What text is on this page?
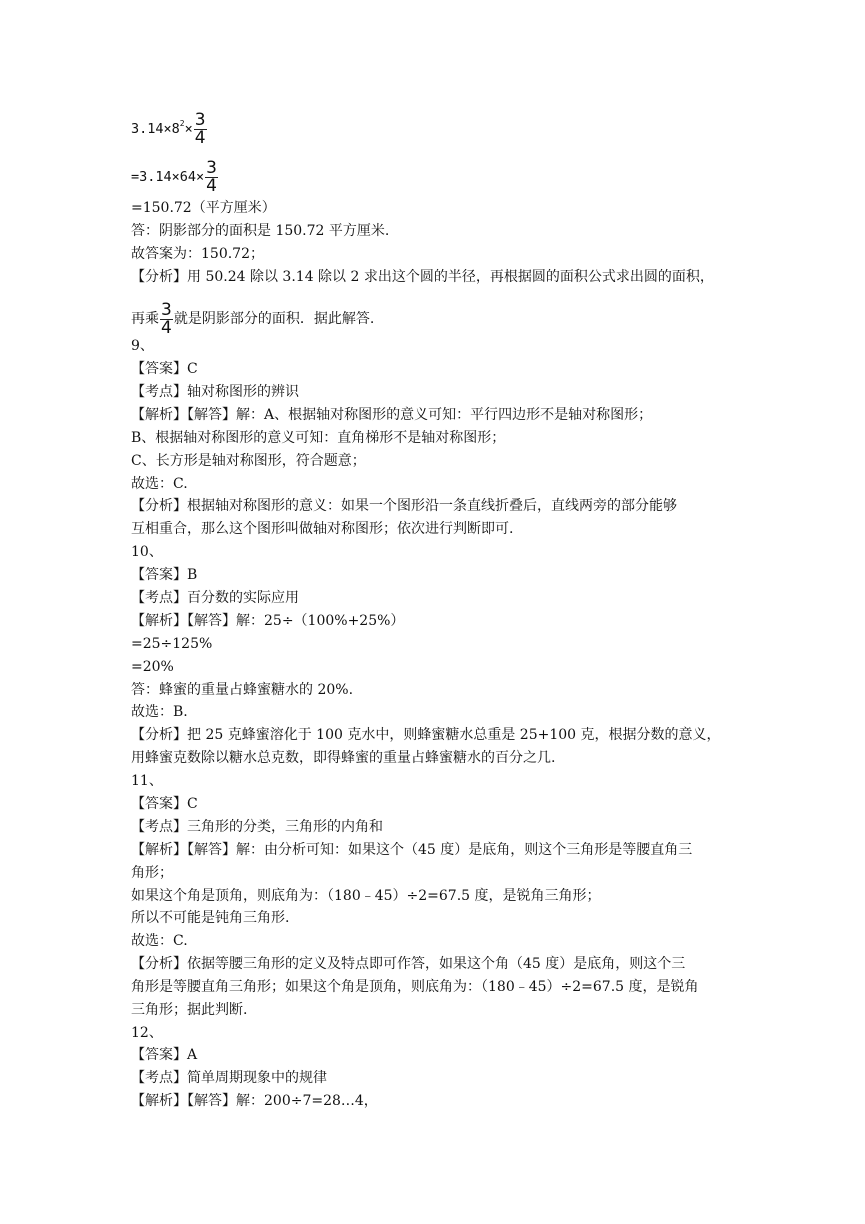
$3.14\times 8^2\times \frac{3}{4}$
$=3.14\times 64\times \frac{3}{4}$
=150.72（平方厘米）
答：阴影部分的面积是 150.72 平方厘米.
故答案为：150.72；
【分析】用 50.24 除以 3.14 除以 2 求出这个圆的半径，再根据圆的面积公式求出圆的面积，
再乘 $\frac{3}{4}$ 就是阴影部分的面积．据此解答.
9、
【答案】C
【考点】轴对称图形的辨识
【解析】【解答】解：A、根据轴对称图形的意义可知：平行四边形不是轴对称图形；
B、根据轴对称图形的意义可知：直角梯形不是轴对称图形；
C、长方形是轴对称图形，符合题意；
故选：C.
【分析】根据轴对称图形的意义：如果一个图形沿一条直线折叠后，直线两旁的部分能够
互相重合，那么这个图形叫做轴对称图形；依次进行判断即可.
10、
【答案】B
【考点】百分数的实际应用
【解析】【解答】解：25÷（100%+25%）
=25÷125%
=20%
答：蜂蜜的重量占蜂蜜糖水的 20%.
故选：B.
【分析】把 25 克蜂蜜溶化于 100 克水中，则蜂蜜糖水总重是 25+100 克，根据分数的意义，
用蜂蜜克数除以糖水总克数，即得蜂蜜的重量占蜂蜜糖水的百分之几.
11、
【答案】C
【考点】三角形的分类，三角形的内角和
【解析】【解答】解：由分析可知：如果这个（45 度）是底角，则这个三角形是等腰直角三
角形；
如果这个角是顶角，则底角为：（180﹣45）÷2=67.5 度，是锐角三角形；
所以不可能是钝角三角形.
故选：C.
【分析】依据等腰三角形的定义及特点即可作答，如果这个角（45 度）是底角，则这个三
角形是等腰直角三角形；如果这个角是顶角，则底角为：（180﹣45）÷2=67.5 度，是锐角
三角形；据此判断.
12、
【答案】A
【考点】简单周期现象中的规律
【解析】【解答】解：200÷7=28…4，
